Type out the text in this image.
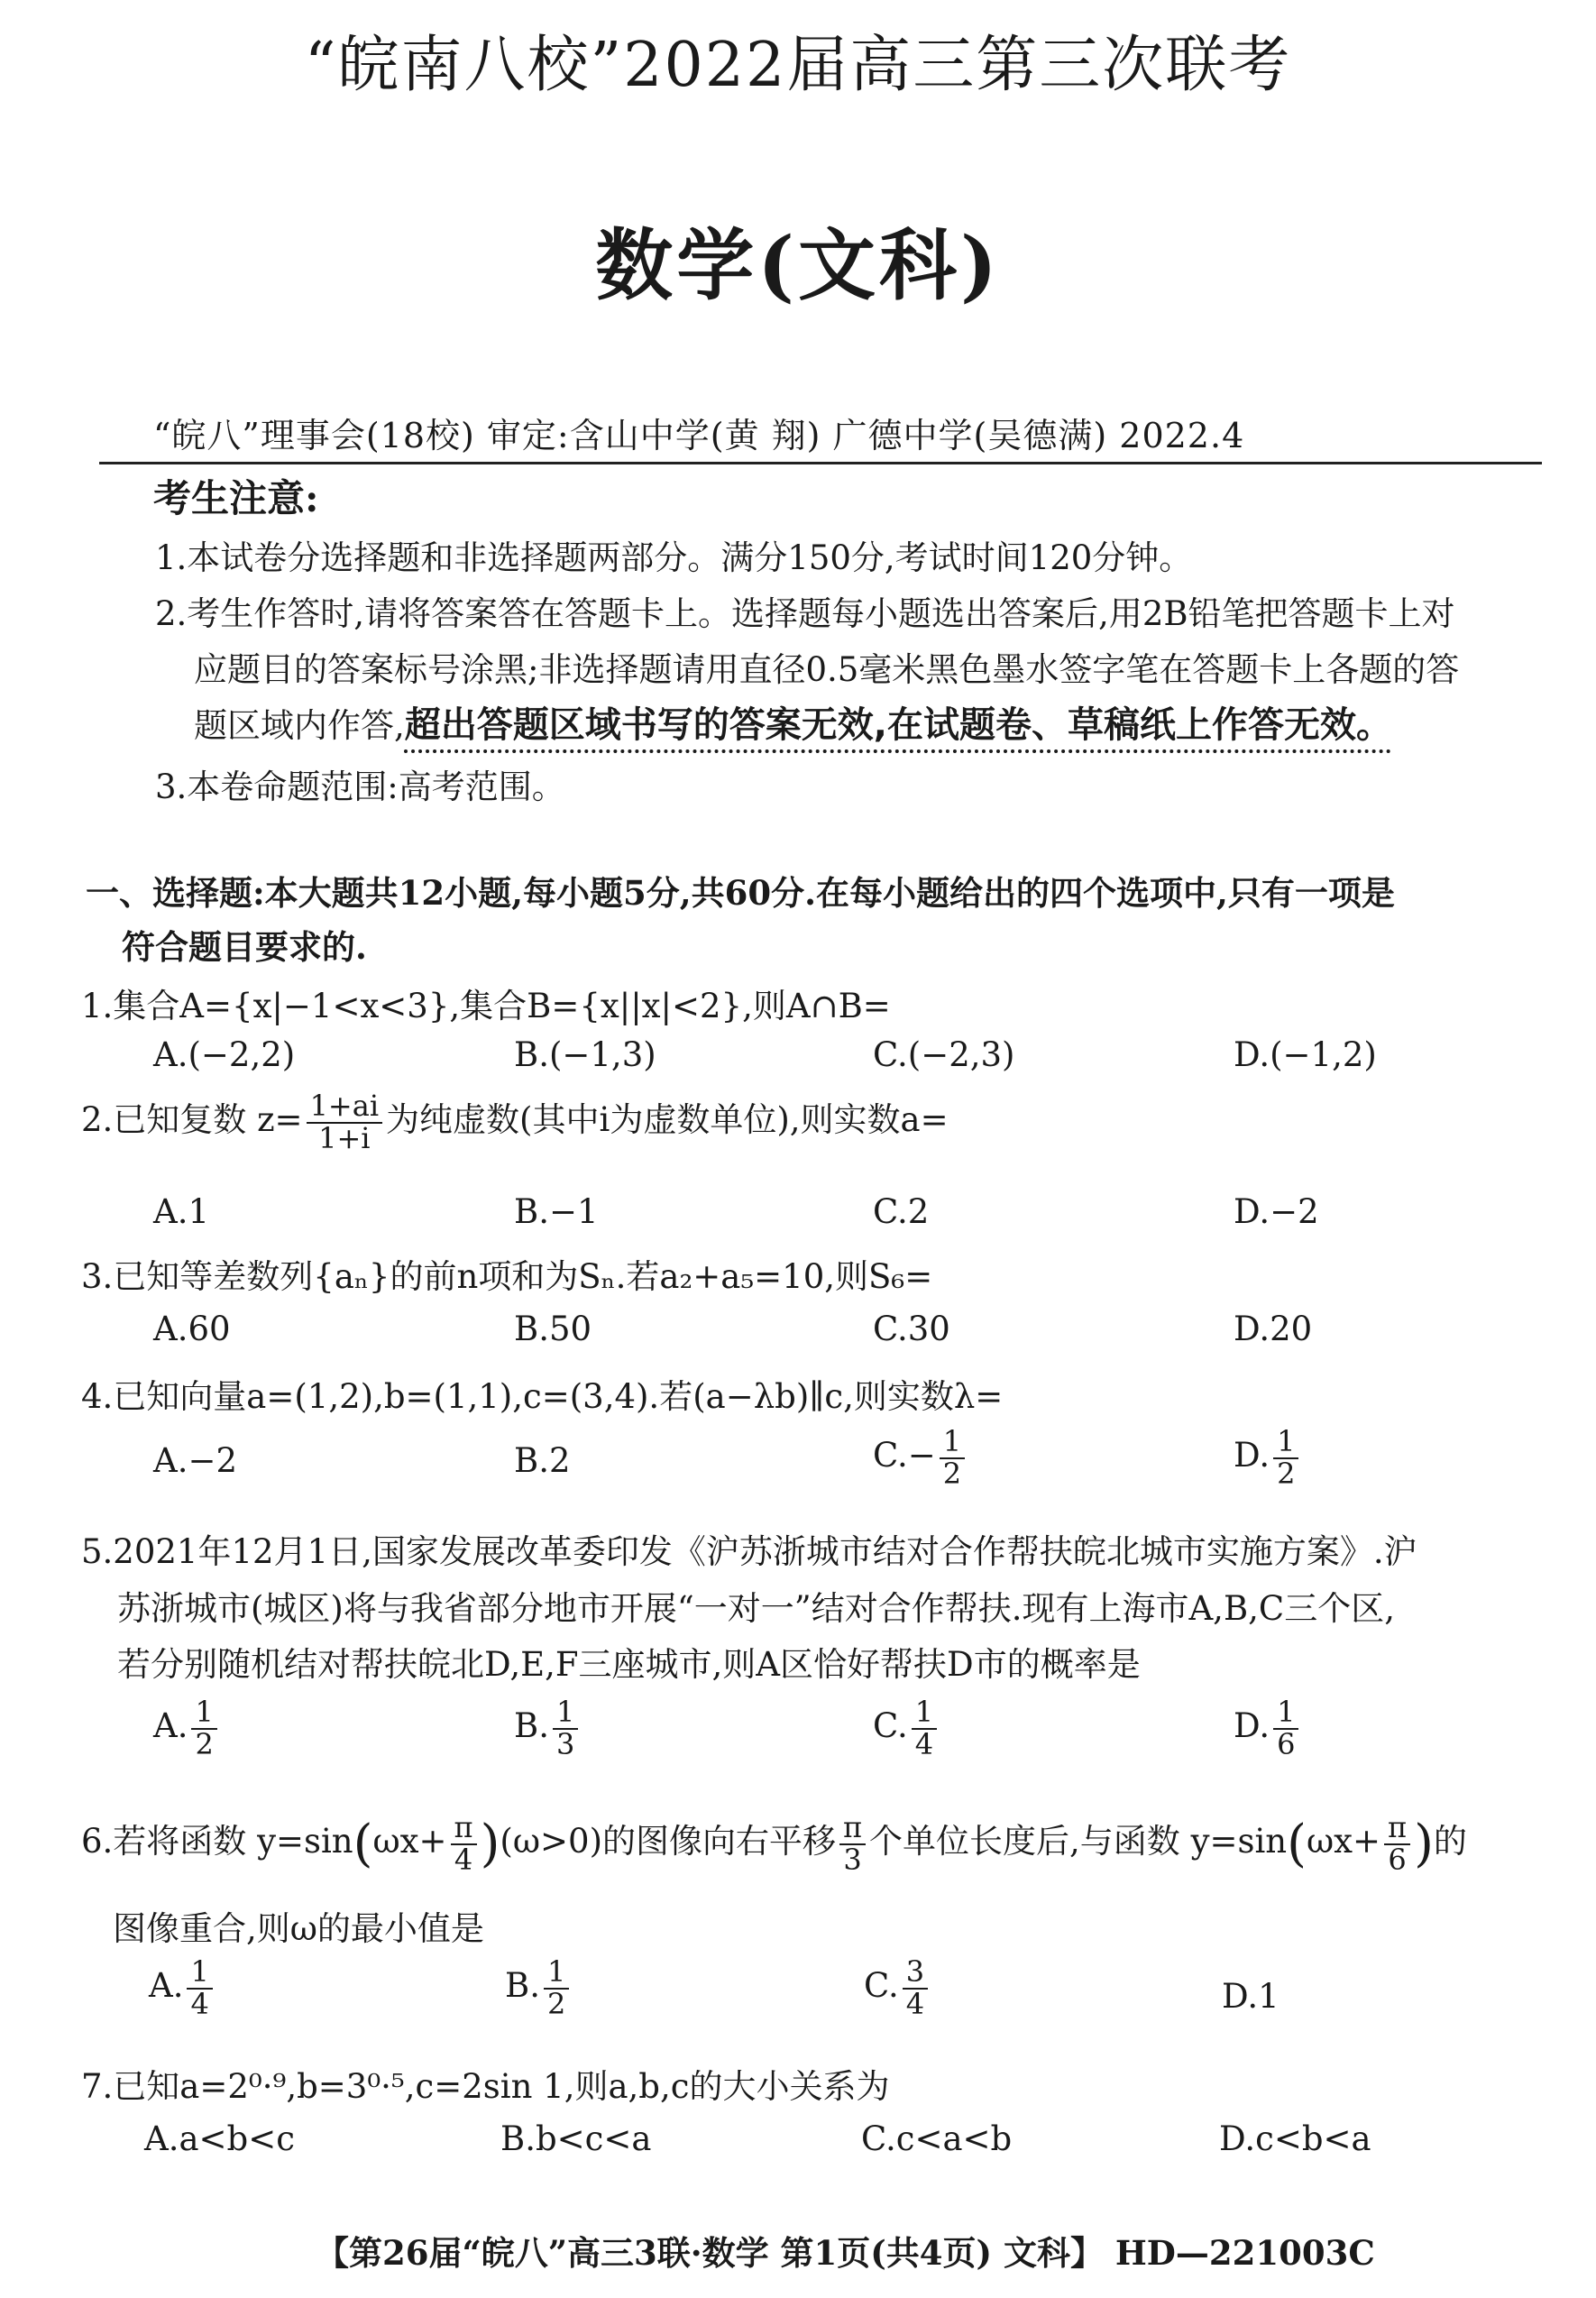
“皖南八校”2022届高三第三次联考
数学(文科)
“皖八”理事会(18校) 审定:含山中学(黄 翔) 广德中学(吴德满) 2022.4
考生注意:
1.本试卷分选择题和非选择题两部分。满分150分,考试时间120分钟。
2.考生作答时,请将答案答在答题卡上。选择题每小题选出答案后,用2B铅笔把答题卡上对
应题目的答案标号涂黑;非选择题请用直径0.5毫米黑色墨水签字笔在答题卡上各题的答
题区域内作答,超出答题区域书写的答案无效,在试题卷、草稿纸上作答无效。
3.本卷命题范围:高考范围。
一、选择题:本大题共12小题,每小题5分,共60分.在每小题给出的四个选项中,只有一项是
符合题目要求的.
1.集合A={x|−1<x<3},集合B={x||x|<2},则A∩B=
A.(−2,2)	B.(−1,3)	C.(−2,3)	D.(−1,2)
2.已知复数 $z= \frac{1+ai}{1+i}$ 为纯虚数(其中i为虚数单位),则实数a=
A.1	B.−1	C.2	D.−2
3.已知等差数列{aₙ}的前n项和为Sₙ.若a₂+a₅=10,则S₆=
A.60	B.50	C.30	D.20
4.已知向量a=(1,2),b=(1,1),c=(3,4).若(a−λb)∥c,则实数λ=
A.−2	B.2	$C.- \frac{1}{2}$	D. $\frac{1}{2}$
5.2021年12月1日,国家发展改革委印发《沪苏浙城市结对合作帮扶皖北城市实施方案》.沪
苏浙城市(城区)将与我省部分地市开展“一对一”结对合作帮扶.现有上海市A,B,C三个区,
若分别随机结对帮扶皖北D,E,F三座城市,则A区恰好帮扶D市的概率是
A. $\frac{1}{2}$	B. $\frac{1}{3}$	C. $\frac{1}{4}$	D. $\frac{1}{6}$
6.若将函数 $y=\sin(\omega x+ \frac{\pi}{4} )(\omega>0)$的图像向右平移 $\frac{\pi}{3}$ 个单位长度后,与函数 $y=\sin(\omega x+ \frac{\pi}{6}$ )的
图像重合,则ω的最小值是
A. $\frac{1}{4}$	B. $\frac{1}{2}$	C. $\frac{3}{4}$	D.1
7.已知a=2⁰·⁹,b=3⁰·⁵,c=2sin 1,则a,b,c的大小关系为
A.a<b<c	B.b<c<a	C.c<a<b	D.c<b<a
【第26届“皖八”高三3联·数学 第1页(共4页) 文科】 HD—221003C
